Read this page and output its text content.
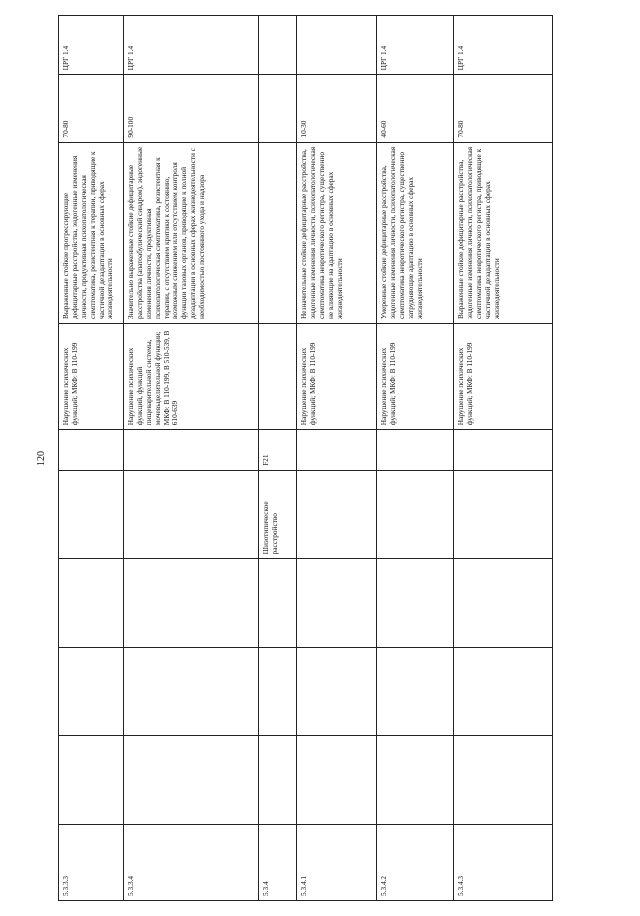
120
5.3.3.3						Нарушение психических функций; МКФ: В 110-199	Выраженные стойкие прогрессирующие дефицитарные расстройства, эндогенные изменения личности, продуктивная психопатологическая симптоматика, резистентная к терапии, приводящие к частичной дезадаптации в основных сферах жизнедеятельности	70-80	ЦРГ 1.4
5.3.3.4						Нарушение психических функций, функций пищеварительной системы, мочевыделительной функции; МКФ: В 110-199, В 510-539, В 610-639	Значительно выраженные стойкие дефицитарные расстройства (апатоабулический синдром), эндогенные изменения личности, продуктивная психопатологическая симптоматика, резистентная к терапии, с отсутствием критики к состоянию, возможным снижением или отсутствием контроля функции тазовых органов, приводящие к полной дезадаптации в основных сферах жизнедеятельности с необходимостью постоянного ухода и надзора	90-100	ЦРГ 1.4
5.3.4				Шизотипическое расстройство	F21				
5.3.4.1						Нарушение психических функций; МКФ: В 110-199	Незначительные стойкие дефицитарные расстройства, эндогенные изменения личности, психопатологическая симптоматика невротического регистра, существенно не влияющие на адаптацию в основных сферах жизнедеятельности	10-30	
5.3.4.2						Нарушение психических функций; МКФ: В 110-199	Умеренные стойкие дефицитарные расстройства, эндогенные изменения личности, психопатологическая симптоматика невротического регистра, существенно затрудняющие адаптацию в основных сферах жизнедеятельности	40-60	ЦРГ 1.4
5.3.4.3						Нарушение психических функций; МКФ: В 110-199	Выраженные стойкие дефицитарные расстройства, эндогенные изменения личности, психопатологическая симптоматика невротического регистра, приводящие к частичной дезадаптации в основных сферах жизнедеятельности	70-80	ЦРГ 1.4
